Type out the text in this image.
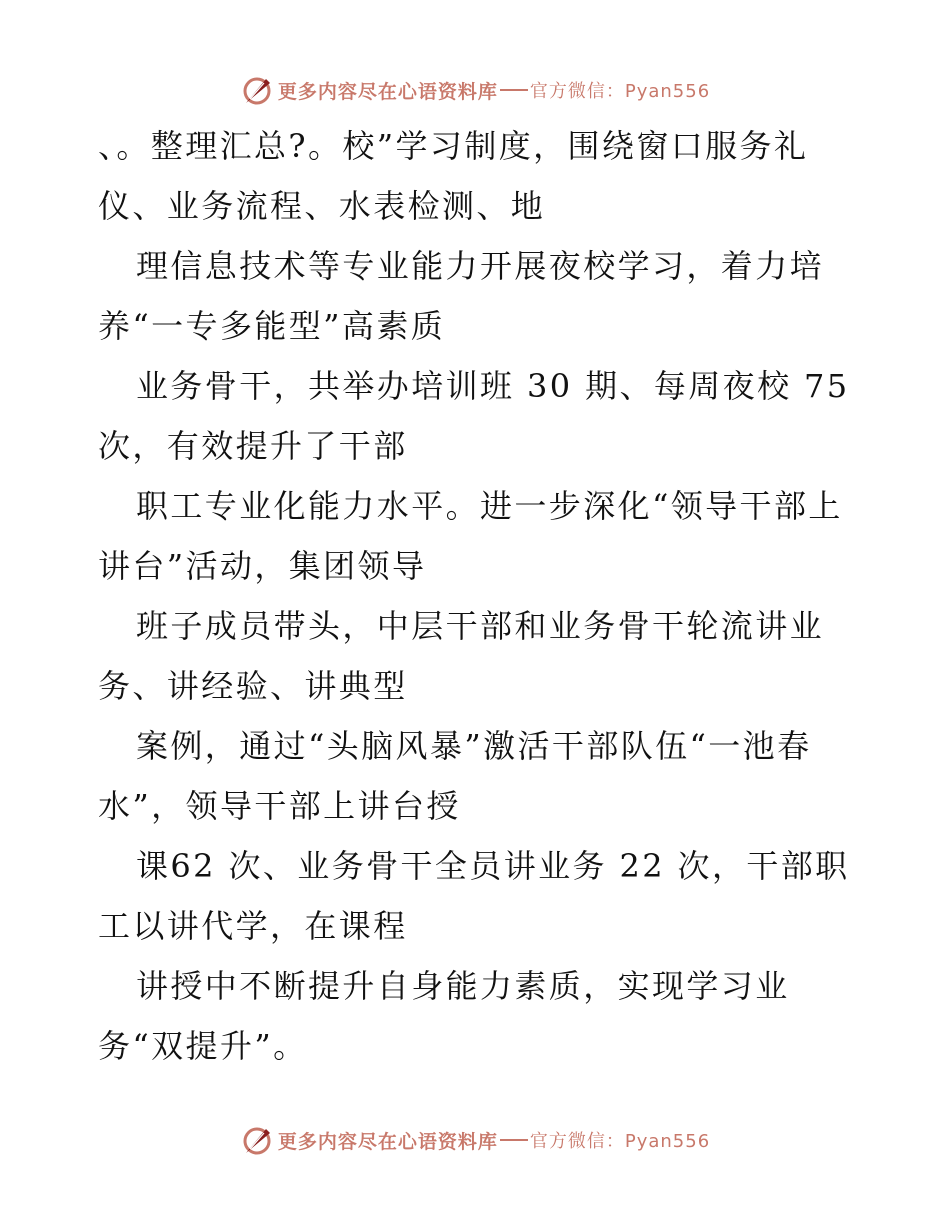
更多内容尽在心语资料库 官方微信：Pyan556
、。整理汇总?。校”学习制度，围绕窗口服务礼
仪、业务流程、水表检测、地
理信息技术等专业能力开展夜校学习，着力培
养“一专多能型”高素质
业务骨干，共举办培训班 30 期、每周夜校 75
次，有效提升了干部
职工专业化能力水平。进一步深化“领导干部上
讲台”活动，集团领导
班子成员带头，中层干部和业务骨干轮流讲业
务、讲经验、讲典型
案例，通过“头脑风暴”激活干部队伍“一池春
水”，领导干部上讲台授
课62 次、业务骨干全员讲业务 22 次，干部职
工以讲代学，在课程
讲授中不断提升自身能力素质，实现学习业
务“双提升”。
更多内容尽在心语资料库 官方微信：Pyan556
